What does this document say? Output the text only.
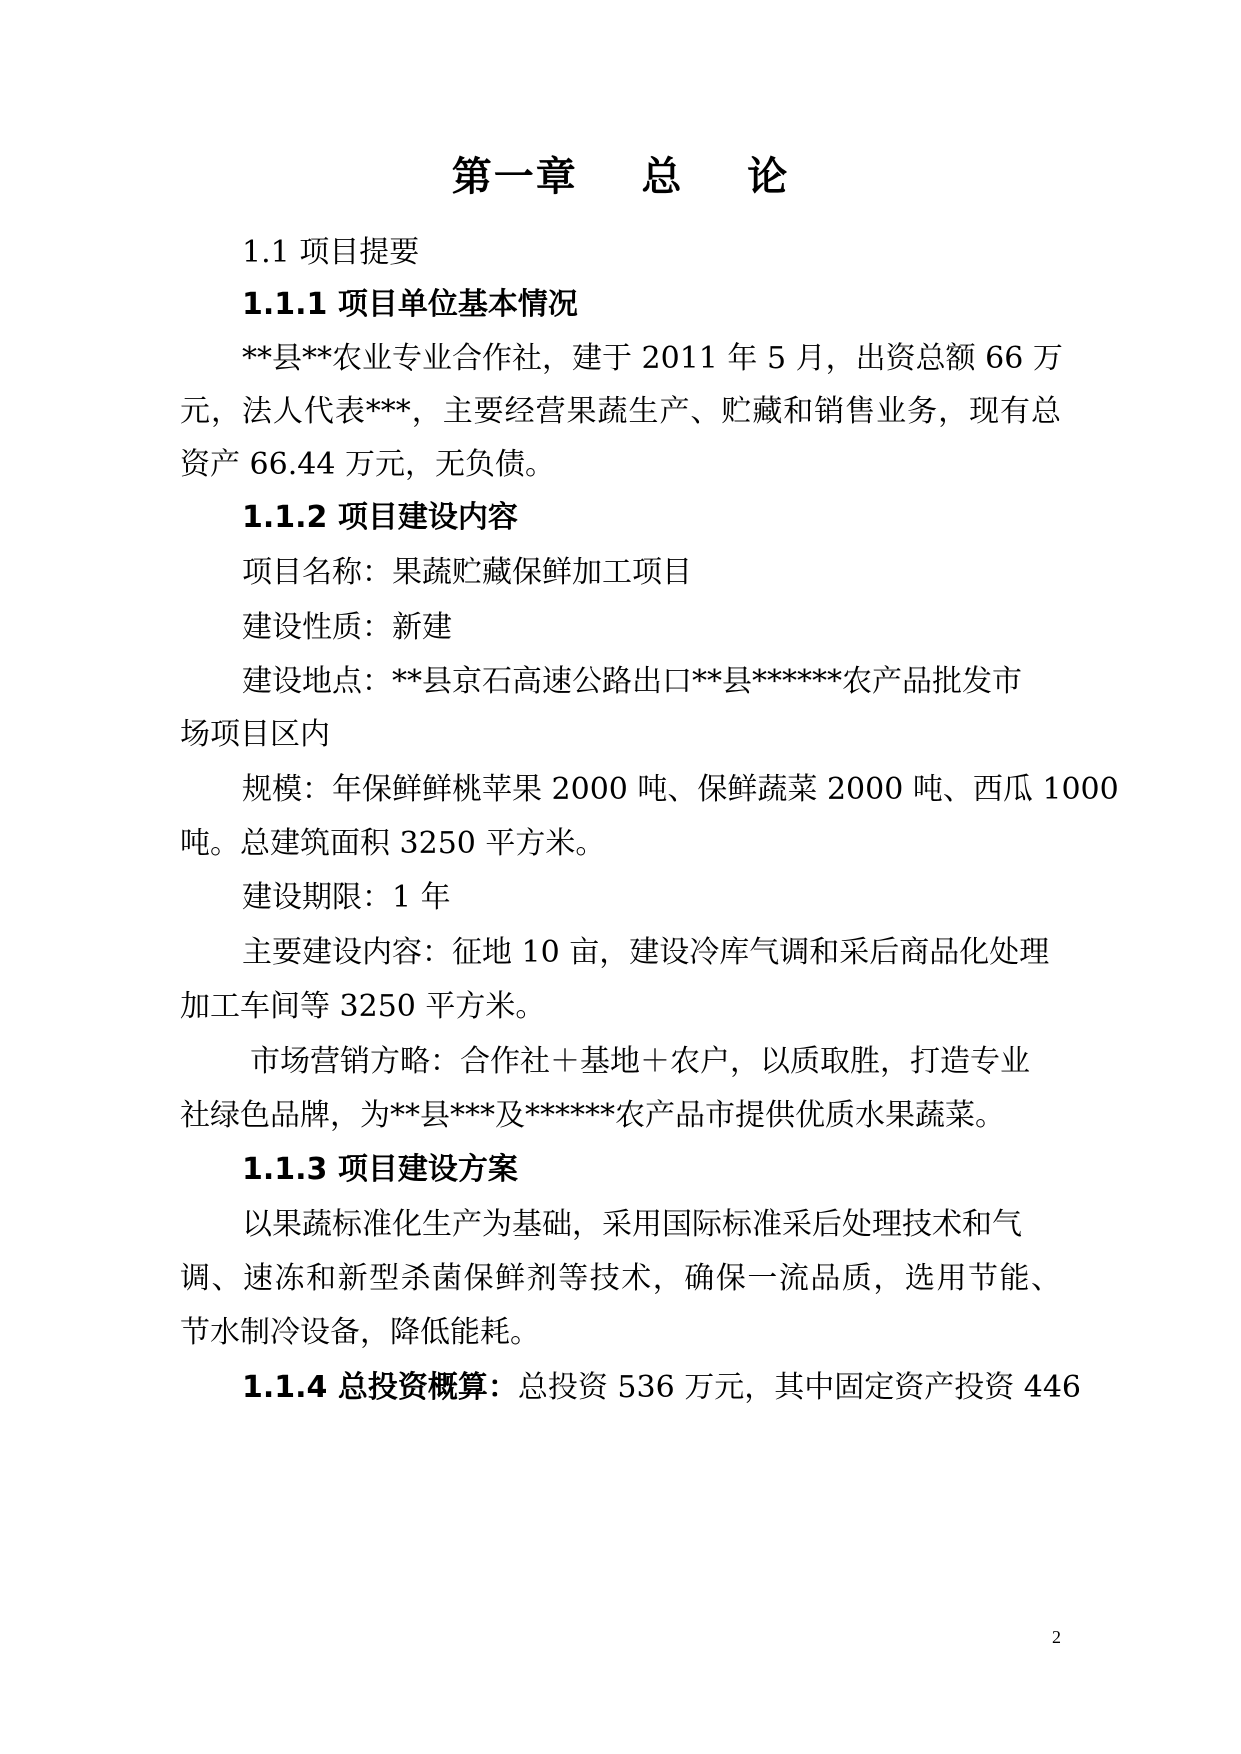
第一章    总    论
1.1 项目提要
1.1.1 项目单位基本情况
**县**农业专业合作社，建于 2011 年 5 月，出资总额 66 万
元，法人代表***，主要经营果蔬生产、贮藏和销售业务，现有总
资产 66.44 万元，无负债。
1.1.2 项目建设内容
项目名称：果蔬贮藏保鲜加工项目
建设性质：新建
建设地点：**县京石高速公路出口**县******农产品批发市
场项目区内
规模：年保鲜鲜桃苹果 2000 吨、保鲜蔬菜 2000 吨、西瓜 1000
吨。总建筑面积 3250 平方米。
建设期限：1 年
主要建设内容：征地 10 亩，建设冷库气调和采后商品化处理
加工车间等 3250 平方米。
市场营销方略：合作社＋基地＋农户，以质取胜，打造专业
社绿色品牌，为**县***及******农产品市提供优质水果蔬菜。
1.1.3 项目建设方案
以果蔬标准化生产为基础，采用国际标准采后处理技术和气
调、速冻和新型杀菌保鲜剂等技术，确保一流品质，选用节能、
节水制冷设备，降低能耗。
1.1.4 总投资概算：总投资 536 万元，其中固定资产投资 446
2
